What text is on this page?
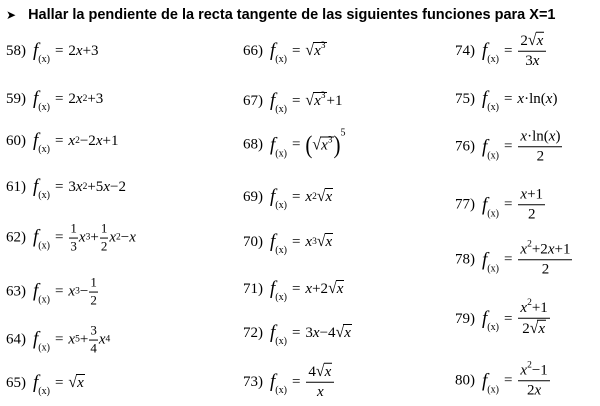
➤ Hallar la pendiente de la recta tangente de las siguientes funciones para X=1
58) f (x)
= 2 x +3
59) f (x)
= 2 x 2 +3
60) f (x)
= x 2 −2 x +1
61) f (x)
= 3 x 2 +5 x −2
62) f (x)
= $\frac{1}{3}$ x $3 + \frac{1}{2}$ x 2 − x
63) f (x)
= x $3 - \frac{1}{2}$
64) f (x)
= x $5 + \frac{3}{4}$ x 4
65) f (x)
= √ x
66) f (x)
= √ $x^3$
67) f (x)
= √ $x^3 +1$
68) f (x)
= ( √ $x^3$ ) 5
69) f (x)
= x 2 √ x
70) f (x)
= x 3 √ x
71) f (x)
= x +2 √ x
72) f (x)
= 3 x −4 √ x
73) f (x)
= $\frac{4 √ x}{x}$
74) f (x)
= $\frac{2 √ x}{3x}$
75) f (x)
= x ·ln( x )
76) f (x)
= $\frac{x\cdot\ln(x)}{2}$
77) f (x)
= $\frac{x+1}{2}$
78) f (x)
= $\frac{x^2+2x+1}{2}$
79) f (x)
= $\frac{x^2+1}{2 √ x}$
80) f (x)
= $\frac{x^2-1}{2x}$
